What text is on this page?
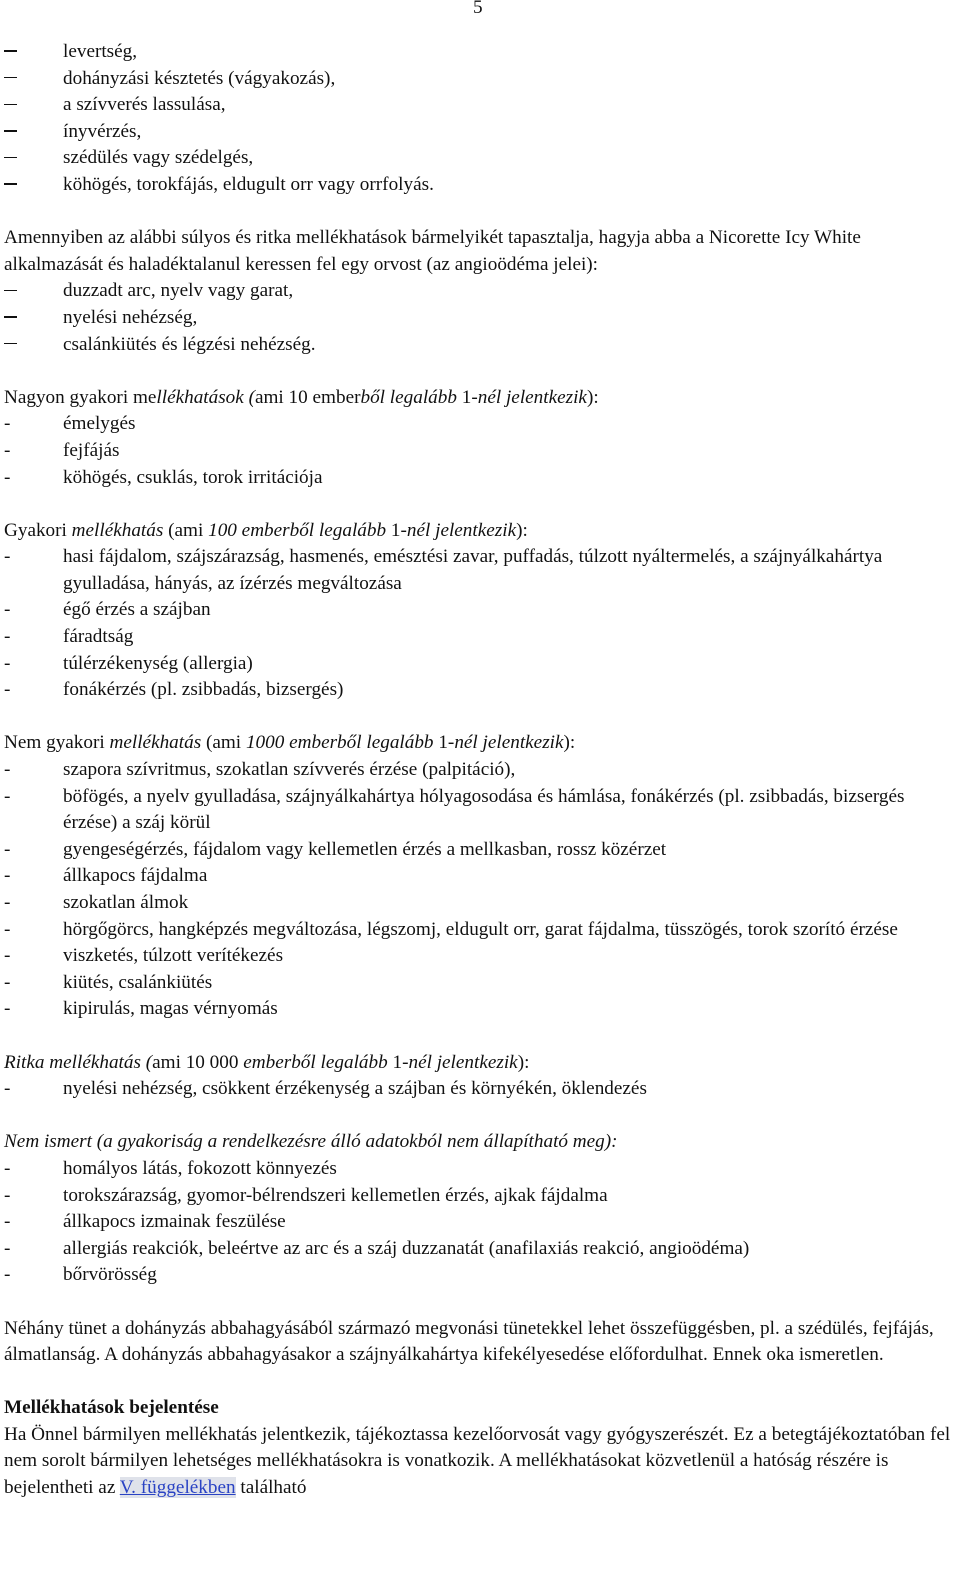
5
levertség,
dohányzási késztetés (vágyakozás),
a szívverés lassulása,
ínyvérzés,
szédülés vagy szédelgés,
köhögés, torokfájás, eldugult orr vagy orrfolyás.
Amennyiben az alábbi súlyos és ritka mellékhatások bármelyikét tapasztalja, hagyja abba a Nicorette Icy White alkalmazását és haladéktalanul keressen fel egy orvost (az angioödéma jelei):
duzzadt arc, nyelv vagy garat,
nyelési nehézség,
csalánkiütés és légzési nehézség.
Nagyon gyakori mellékhatások (ami 10 emberből legalább 1-nél jelentkezik):
-	émelygés
-	fejfájás
-	köhögés, csuklás, torok irritációja
Gyakori mellékhatás (ami 100 emberből legalább 1-nél jelentkezik):
-	hasi fájdalom, szájszárazság, hasmenés, emésztési zavar, puffadás, túlzott nyáltermelés, a szájnyálkahártya gyulladása, hányás, az ízérzés megváltozása
-	égő érzés a szájban
-	fáradtság
-	túlérzékenység (allergia)
-	fonákérzés (pl. zsibbadás, bizsergés)
Nem gyakori mellékhatás (ami 1000 emberből legalább 1-nél jelentkezik):
-	szapora szívritmus, szokatlan szívverés érzése (palpitáció),
-	böfögés, a nyelv gyulladása, szájnyálkahártya hólyagosodása és hámlása, fonákérzés (pl. zsibbadás, bizsergés érzése) a száj körül
-	gyengeségérzés, fájdalom vagy kellemetlen érzés a mellkasban, rossz közérzet
-	állkapocs fájdalma
-	szokatlan álmok
-	hörgőgörcs, hangképzés megváltozása, légszomj, eldugult orr, garat fájdalma, tüsszögés, torok szorító érzése
-	viszketés, túlzott verítékezés
-	kiütés, csalánkiütés
-	kipirulás, magas vérnyomás
Ritka mellékhatás (ami 10 000 emberből legalább 1-nél jelentkezik):
-	nyelési nehézség, csökkent érzékenység a szájban és környékén, öklendezés
Nem ismert (a gyakoriság a rendelkezésre álló adatokból nem állapítható meg):
-	homályos látás, fokozott könnyezés
-	torokszárazság, gyomor-bélrendszeri kellemetlen érzés, ajkak fájdalma
-	állkapocs izmainak feszülése
-	allergiás reakciók, beleértve az arc és a száj duzzanatát (anafilaxiás reakció, angioödéma)
-	bőrvörösség
Néhány tünet a dohányzás abbahagyásából származó megvonási tünetekkel lehet összefüggésben, pl. a szédülés, fejfájás, álmatlanság. A dohányzás abbahagyásakor a szájnyálkahártya kifekélyesedése előfordulhat. Ennek oka ismeretlen.
Mellékhatások bejelentése
Ha Önnel bármilyen mellékhatás jelentkezik, tájékoztassa kezelőorvosát vagy gyógyszerészét. Ez a betegtájékoztatóban fel nem sorolt bármilyen lehetséges mellékhatásokra is vonatkozik. A mellékhatásokat közvetlenül a hatóság részére is bejelentheti az V. függelékben található
